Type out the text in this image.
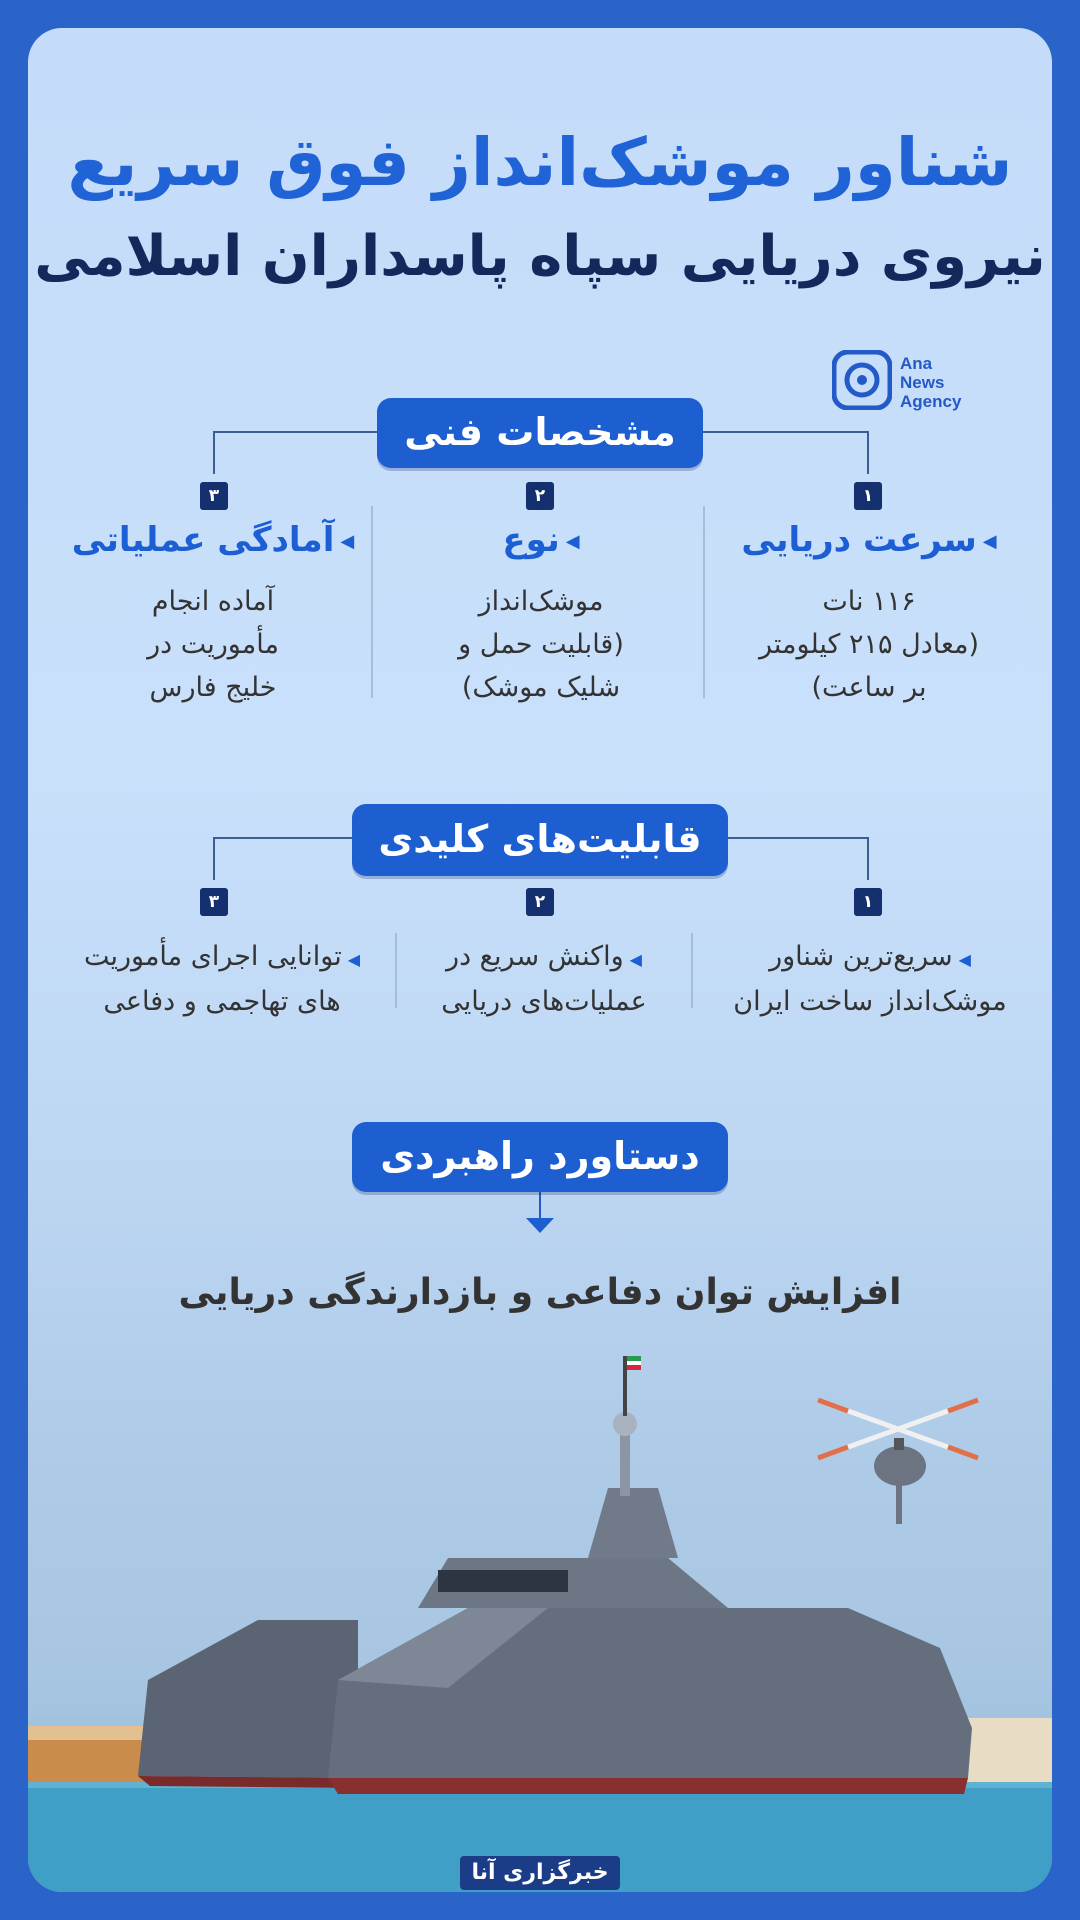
شناور موشک‌انداز فوق سریع
نیروی دریایی سپاه پاسداران اسلامی
Ana
News
Agency
مشخصات فنی
۱
۲
۳
◀سرعت دریایی
◀نوع
◀آمادگی عملیاتی
۱۱۶ نات
(معادل ۲۱۵ کیلومتر
بر ساعت)
موشک‌انداز
(قابلیت حمل و
شلیک موشک)
آماده انجام
مأموریت در
خلیج فارس
قابلیت‌های کلیدی
۱
۲
۳
◀سریع‌ترین شناور
موشک‌انداز ساخت ایران
◀واکنش سریع در
عملیات‌های دریایی
◀توانایی اجرای مأموریت
های تهاجمی و دفاعی
دستاورد راهبردی
افزایش توان دفاعی و بازدارندگی دریایی
خبرگزاری آنا
